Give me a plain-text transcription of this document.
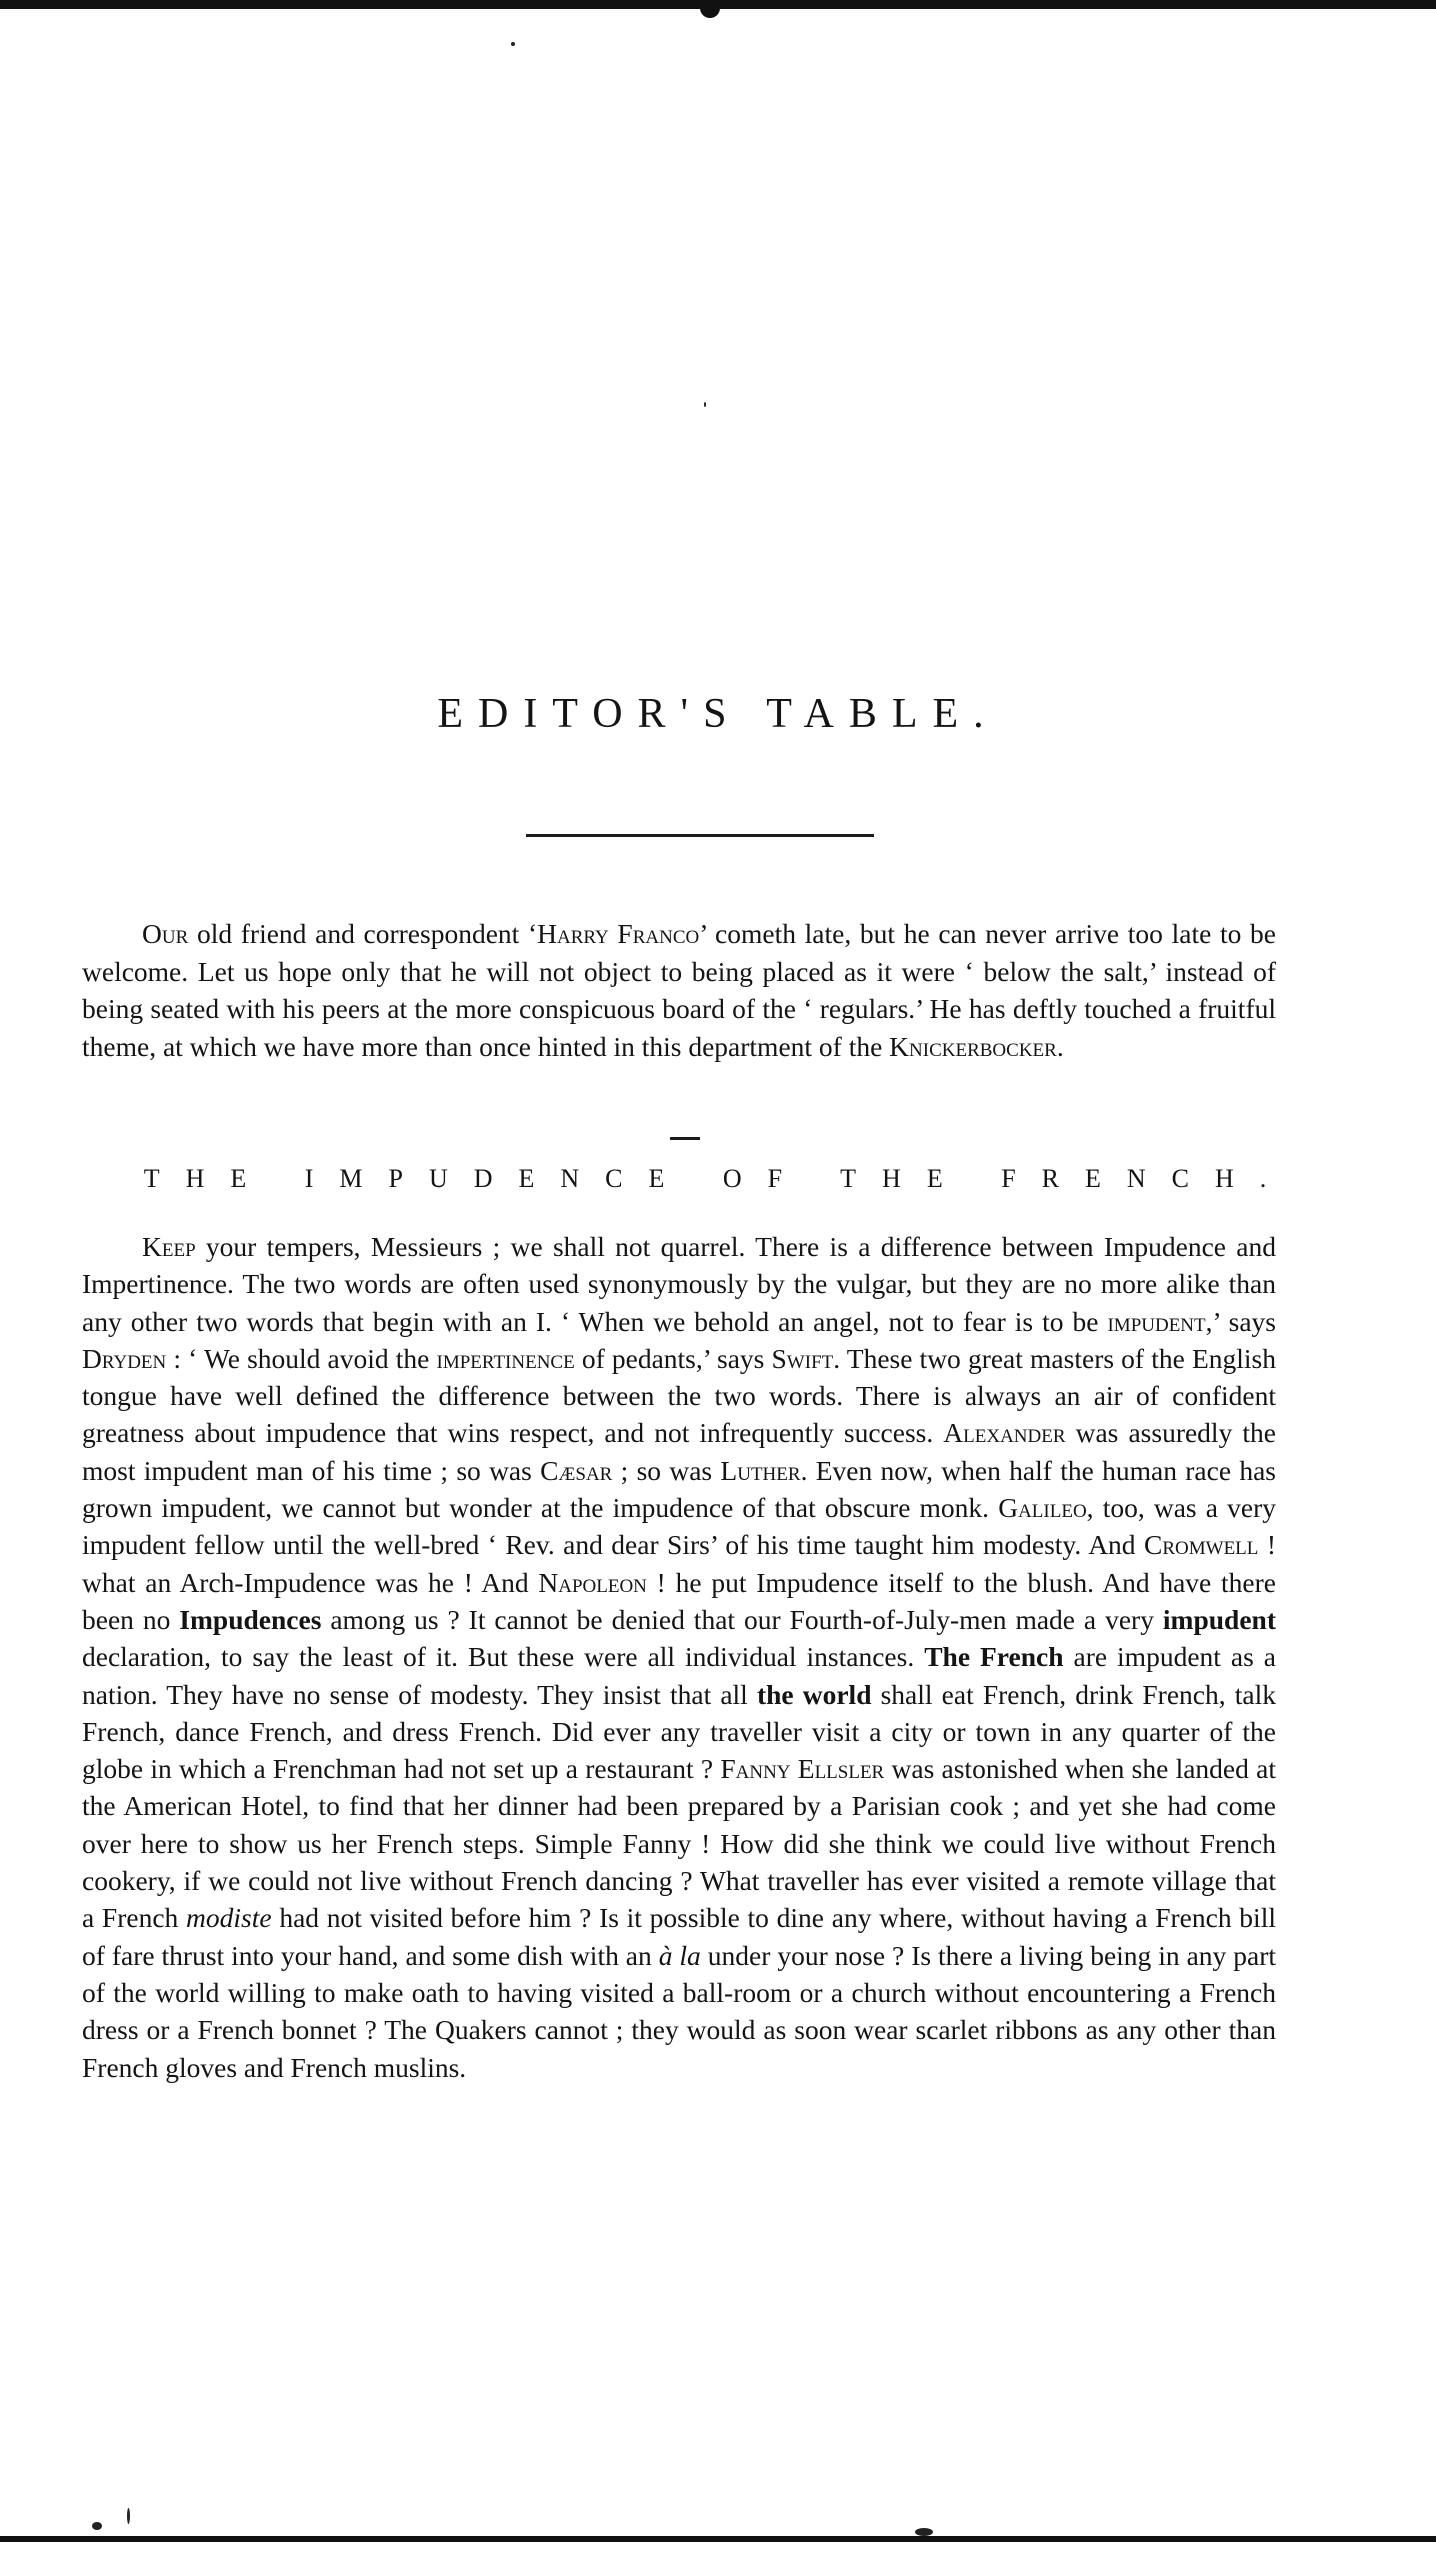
EDITOR'S TABLE.

Our old friend and correspondent ‘Harry Franco’ cometh late, but he can never arrive too late to be welcome. Let us hope only that he will not object to being placed as it were ‘ below the salt,’ instead of being seated with his peers at the more conspicuous board of the ‘ regulars.’ He has deftly touched a fruitful theme, at which we have more than once hinted in this department of the Knickerbocker.

THE IMPUDENCE OF THE FRENCH.

Keep your tempers, Messieurs ; we shall not quarrel. There is a difference between Impudence and Impertinence. The two words are often used synonymously by the vulgar, but they are no more alike than any other two words that begin with an I. ‘ When we behold an angel, not to fear is to be impudent,’ says Dryden : ‘ We should avoid the impertinence of pedants,’ says Swift. These two great masters of the English tongue have well defined the difference between the two words. There is always an air of confident greatness about impudence that wins respect, and not infrequently success. Alexander was assuredly the most impudent man of his time ; so was Cæsar ; so was Luther. Even now, when half the human race has grown impudent, we cannot but wonder at the impudence of that obscure monk. Galileo, too, was a very impudent fellow until the well-bred ‘ Rev. and dear Sirs’ of his time taught him modesty. And Cromwell ! what an Arch-Impudence was he ! And Napoleon ! he put Impudence itself to the blush. And have there been no Impudences among us ? It cannot be denied that our Fourth-of-July-men made a very impudent declaration, to say the least of it. But these were all individual instances. The French are impudent as a nation. They have no sense of modesty. They insist that all the world shall eat French, drink French, talk French, dance French, and dress French. Did ever any traveller visit a city or town in any quarter of the globe in which a Frenchman had not set up a restaurant ? Fanny Ellsler was astonished when she landed at the American Hotel, to find that her dinner had been prepared by a Parisian cook ; and yet she had come over here to show us her French steps. Simple Fanny ! How did she think we could live without French cookery, if we could not live without French dancing ? What traveller has ever visited a remote village that a French modiste had not visited before him ? Is it possible to dine any where, without having a French bill of fare thrust into your hand, and some dish with an à la under your nose ? Is there a living being in any part of the world willing to make oath to having visited a ball-room or a church without encountering a French dress or a French bonnet ? The Quakers cannot ; they would as soon wear scarlet ribbons as any other than French gloves and French muslins.
